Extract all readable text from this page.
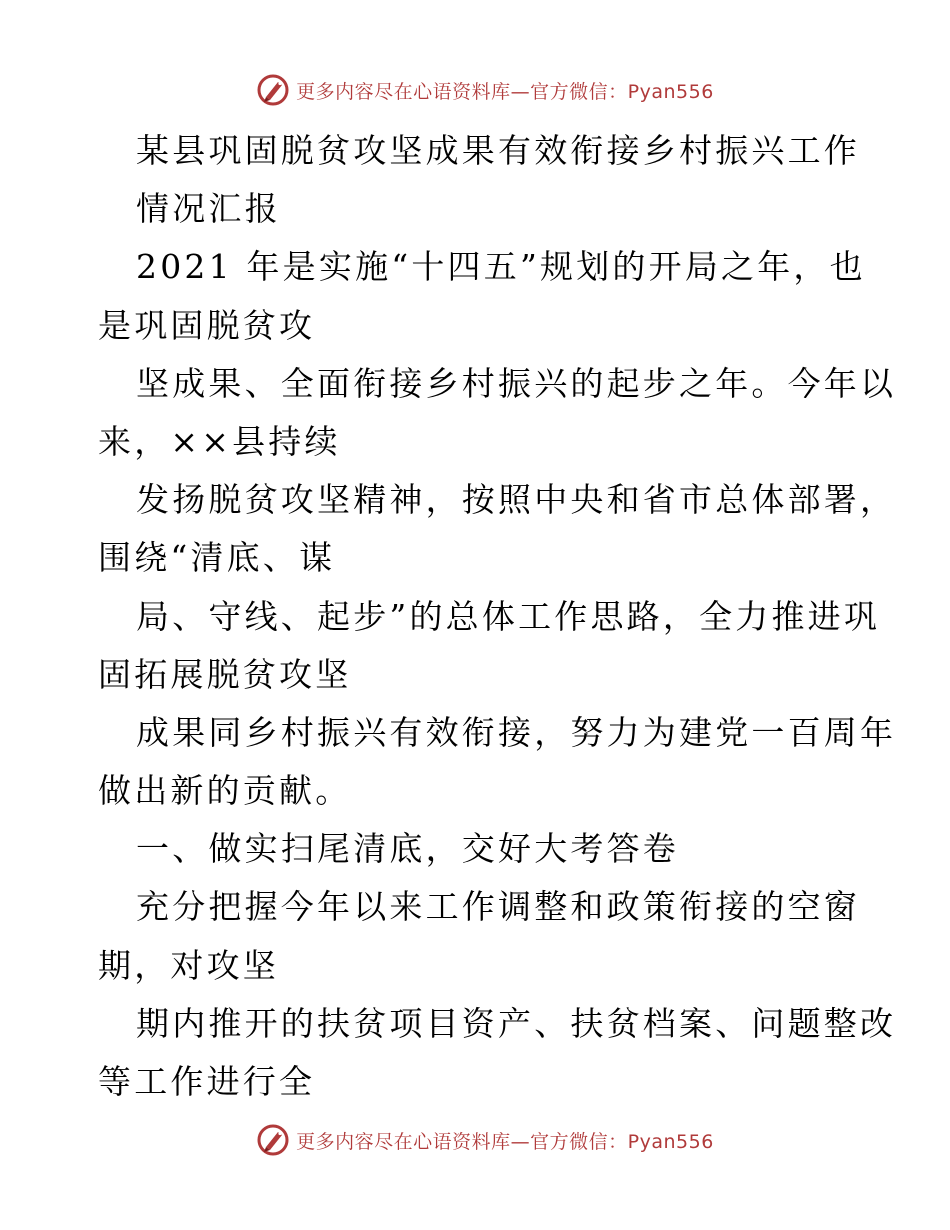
更多内容尽在心语资料库—官方微信：Pyan556
某县巩固脱贫攻坚成果有效衔接乡村振兴工作
情况汇报
2021 年是实施“十四五”规划的开局之年，也
是巩固脱贫攻
坚成果、全面衔接乡村振兴的起步之年。今年以
来，××县持续
发扬脱贫攻坚精神，按照中央和省市总体部署，
围绕“清底、谋
局、守线、起步”的总体工作思路，全力推进巩
固拓展脱贫攻坚
成果同乡村振兴有效衔接，努力为建党一百周年
做出新的贡献。
一、做实扫尾清底，交好大考答卷
充分把握今年以来工作调整和政策衔接的空窗
期，对攻坚
期内推开的扶贫项目资产、扶贫档案、问题整改
等工作进行全
更多内容尽在心语资料库—官方微信：Pyan556
